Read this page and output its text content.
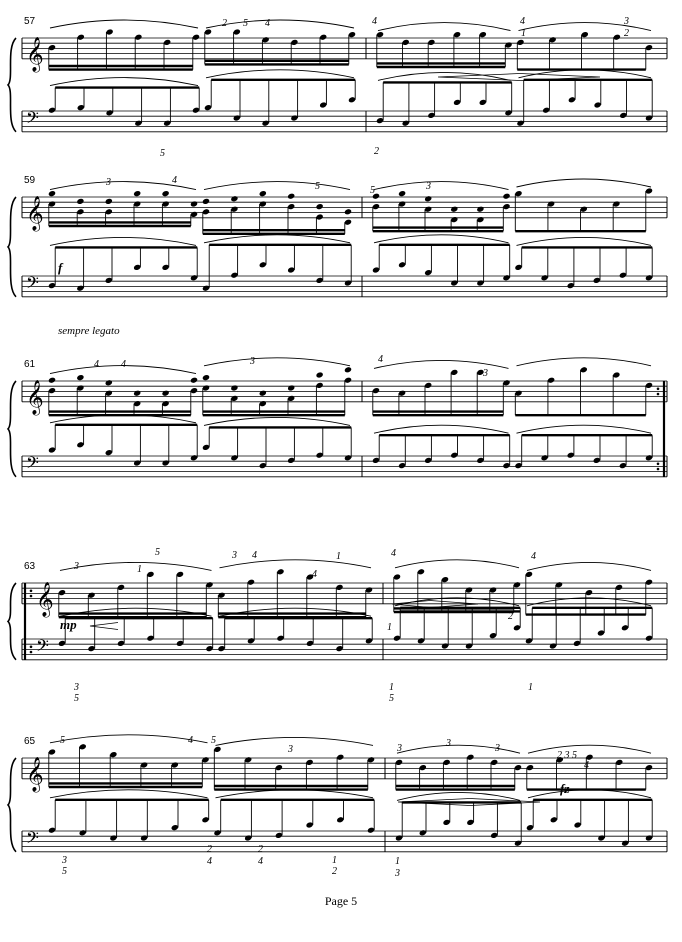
𝄞
𝄢
𝄞
𝄢
𝄞
𝄢
𝄞
𝄢
𝄞
𝄢
57	2 5 4	4	4
1
3
2
5	2
59	3	4
5	5	3
f
sempre legato
61	4 4	3
3
4
63	3
5
1
3 4	1	4	4
1
2
3
5
1
5
1
4
mp
65 5	4 5
3	3	3	3
2 3 5
4
3
5
2
4
2
4	1
2
1
3
fz
Page 5
